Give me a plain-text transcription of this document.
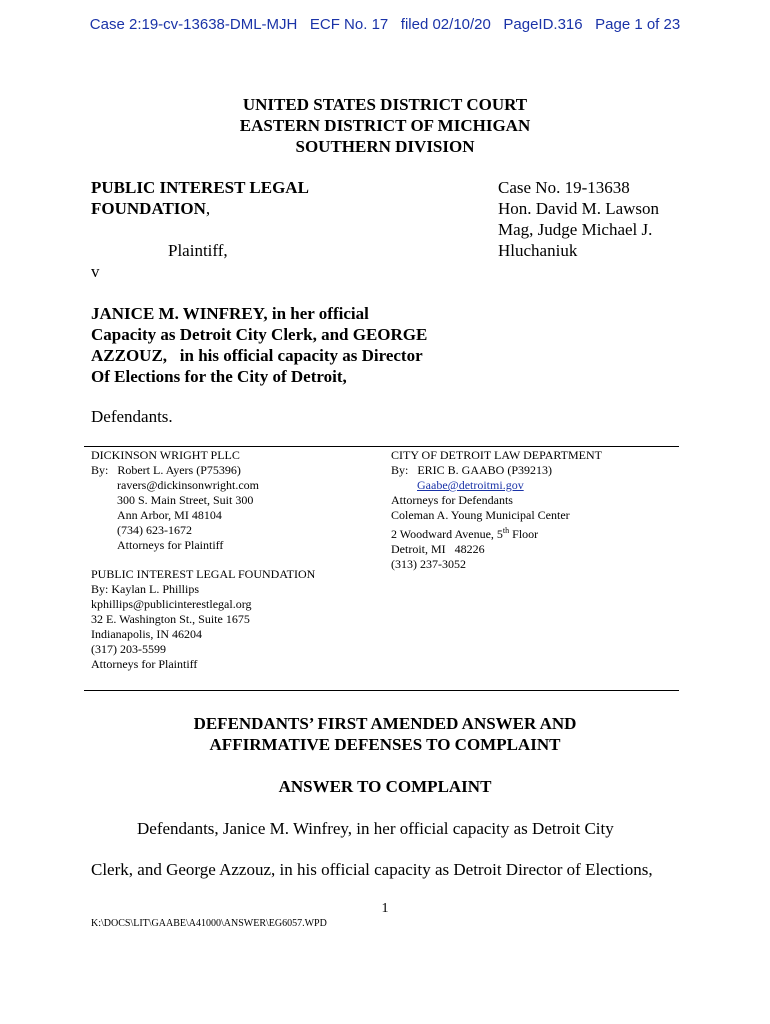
Case 2:19-cv-13638-DML-MJH ECF No. 17 filed 02/10/20 PageID.316 Page 1 of 23
UNITED STATES DISTRICT COURT
EASTERN DISTRICT OF MICHIGAN
SOUTHERN DIVISION
PUBLIC INTEREST LEGAL
FOUNDATION,
Plaintiff,
v
Case No. 19-13638
Hon. David M. Lawson
Mag, Judge Michael J.
Hluchaniuk
JANICE M. WINFREY, in her official
Capacity as Detroit City Clerk, and GEORGE
AZZOUZ,   in his official capacity as Director
Of Elections for the City of Detroit,
Defendants.
DICKINSON WRIGHT PLLC
By:   Robert L. Ayers (P75396)
ravers@dickinsonwright.com
300 S. Main Street, Suit 300
Ann Arbor, MI 48104
(734) 623-1672
Attorneys for Plaintiff
PUBLIC INTEREST LEGAL FOUNDATION
By: Kaylan L. Phillips
kphillips@publicinterestlegal.org
32 E. Washington St., Suite 1675
Indianapolis, IN 46204
(317) 203-5599
Attorneys for Plaintiff
CITY OF DETROIT LAW DEPARTMENT
By:   ERIC B. GAABO (P39213)
Gaabe@detroitmi.gov
Attorneys for Defendants
Coleman A. Young Municipal Center
2 Woodward Avenue, 5th Floor
Detroit, MI   48226
(313) 237-3052
DEFENDANTS’ FIRST AMENDED ANSWER AND
AFFIRMATIVE DEFENSES TO COMPLAINT
ANSWER TO COMPLAINT
Defendants, Janice M. Winfrey, in her official capacity as Detroit City
Clerk, and George Azzouz, in his official capacity as Detroit Director of Elections,
1
K:\DOCS\LIT\GAABE\A41000\ANSWER\EG6057.WPD
